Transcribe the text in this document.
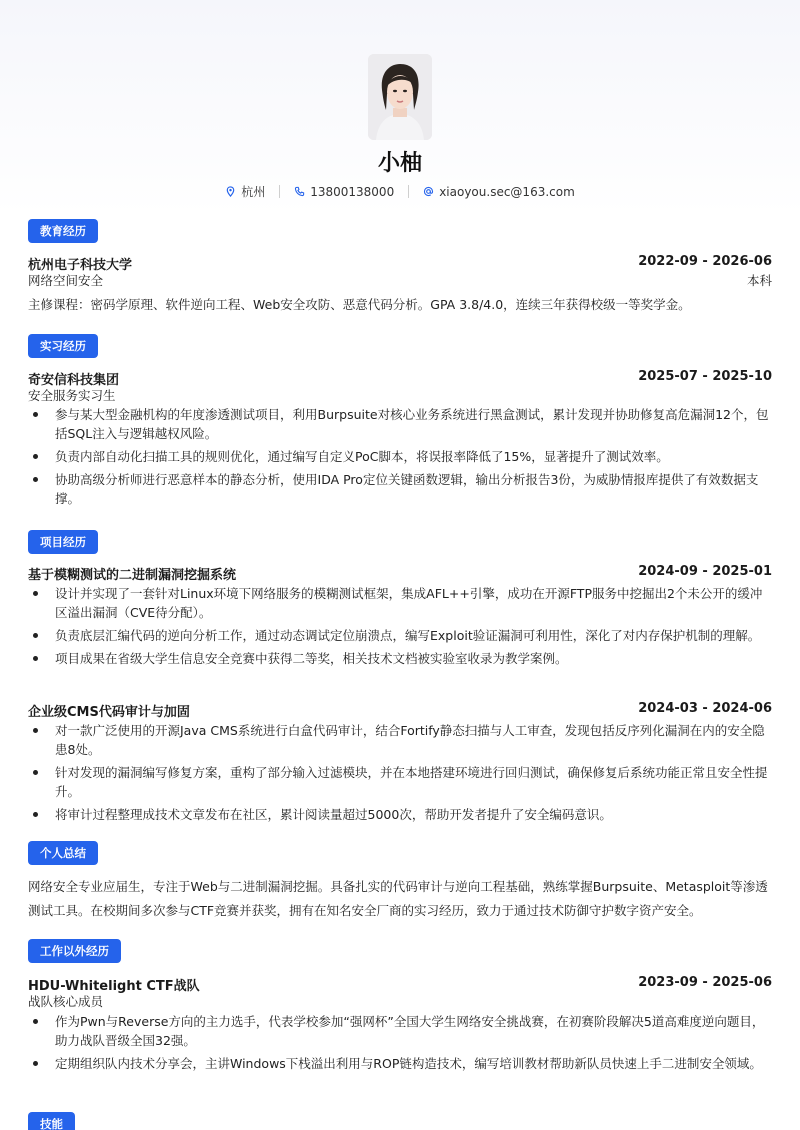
小柚
杭州	13800138000	xiaoyou.sec@163.com
教育经历
杭州电子科技大学	2022-09 - 2026-06
网络空间安全	本科
主修课程：密码学原理、软件逆向工程、Web安全攻防、恶意代码分析。GPA 3.8/4.0，连续三年获得校级一等奖学金。
实习经历
奇安信科技集团	2025-07 - 2025-10
安全服务实习生
参与某大型金融机构的年度渗透测试项目，利用Burpsuite对核心业务系统进行黑盒测试，累计发现并协助修复高危漏洞12个，包括SQL注入与逻辑越权风险。
负责内部自动化扫描工具的规则优化，通过编写自定义PoC脚本，将误报率降低了15%，显著提升了测试效率。
协助高级分析师进行恶意样本的静态分析，使用IDA Pro定位关键函数逻辑，输出分析报告3份，为威胁情报库提供了有效数据支撑。
项目经历
基于模糊测试的二进制漏洞挖掘系统	2024-09 - 2025-01
设计并实现了一套针对Linux环境下网络服务的模糊测试框架，集成AFL++引擎，成功在开源FTP服务中挖掘出2个未公开的缓冲区溢出漏洞（CVE待分配）。
负责底层汇编代码的逆向分析工作，通过动态调试定位崩溃点，编写Exploit验证漏洞可利用性，深化了对内存保护机制的理解。
项目成果在省级大学生信息安全竞赛中获得二等奖，相关技术文档被实验室收录为教学案例。
企业级CMS代码审计与加固	2024-03 - 2024-06
对一款广泛使用的开源Java CMS系统进行白盒代码审计，结合Fortify静态扫描与人工审查，发现包括反序列化漏洞在内的安全隐患8处。
针对发现的漏洞编写修复方案，重构了部分输入过滤模块，并在本地搭建环境进行回归测试，确保修复后系统功能正常且安全性提升。
将审计过程整理成技术文章发布在社区，累计阅读量超过5000次，帮助开发者提升了安全编码意识。
个人总结
网络安全专业应届生，专注于Web与二进制漏洞挖掘。具备扎实的代码审计与逆向工程基础，熟练掌握Burpsuite、Metasploit等渗透测试工具。在校期间多次参与CTF竞赛并获奖，拥有在知名安全厂商的实习经历，致力于通过技术防御守护数字资产安全。
工作以外经历
HDU-Whitelight CTF战队	2023-09 - 2025-06
战队核心成员
作为Pwn与Reverse方向的主力选手，代表学校参加“强网杯”全国大学生网络安全挑战赛，在初赛阶段解决5道高难度逆向题目，助力战队晋级全国32强。
定期组织队内技术分享会，主讲Windows下栈溢出利用与ROP链构造技术，编写培训教材帮助新队员快速上手二进制安全领域。
技能
